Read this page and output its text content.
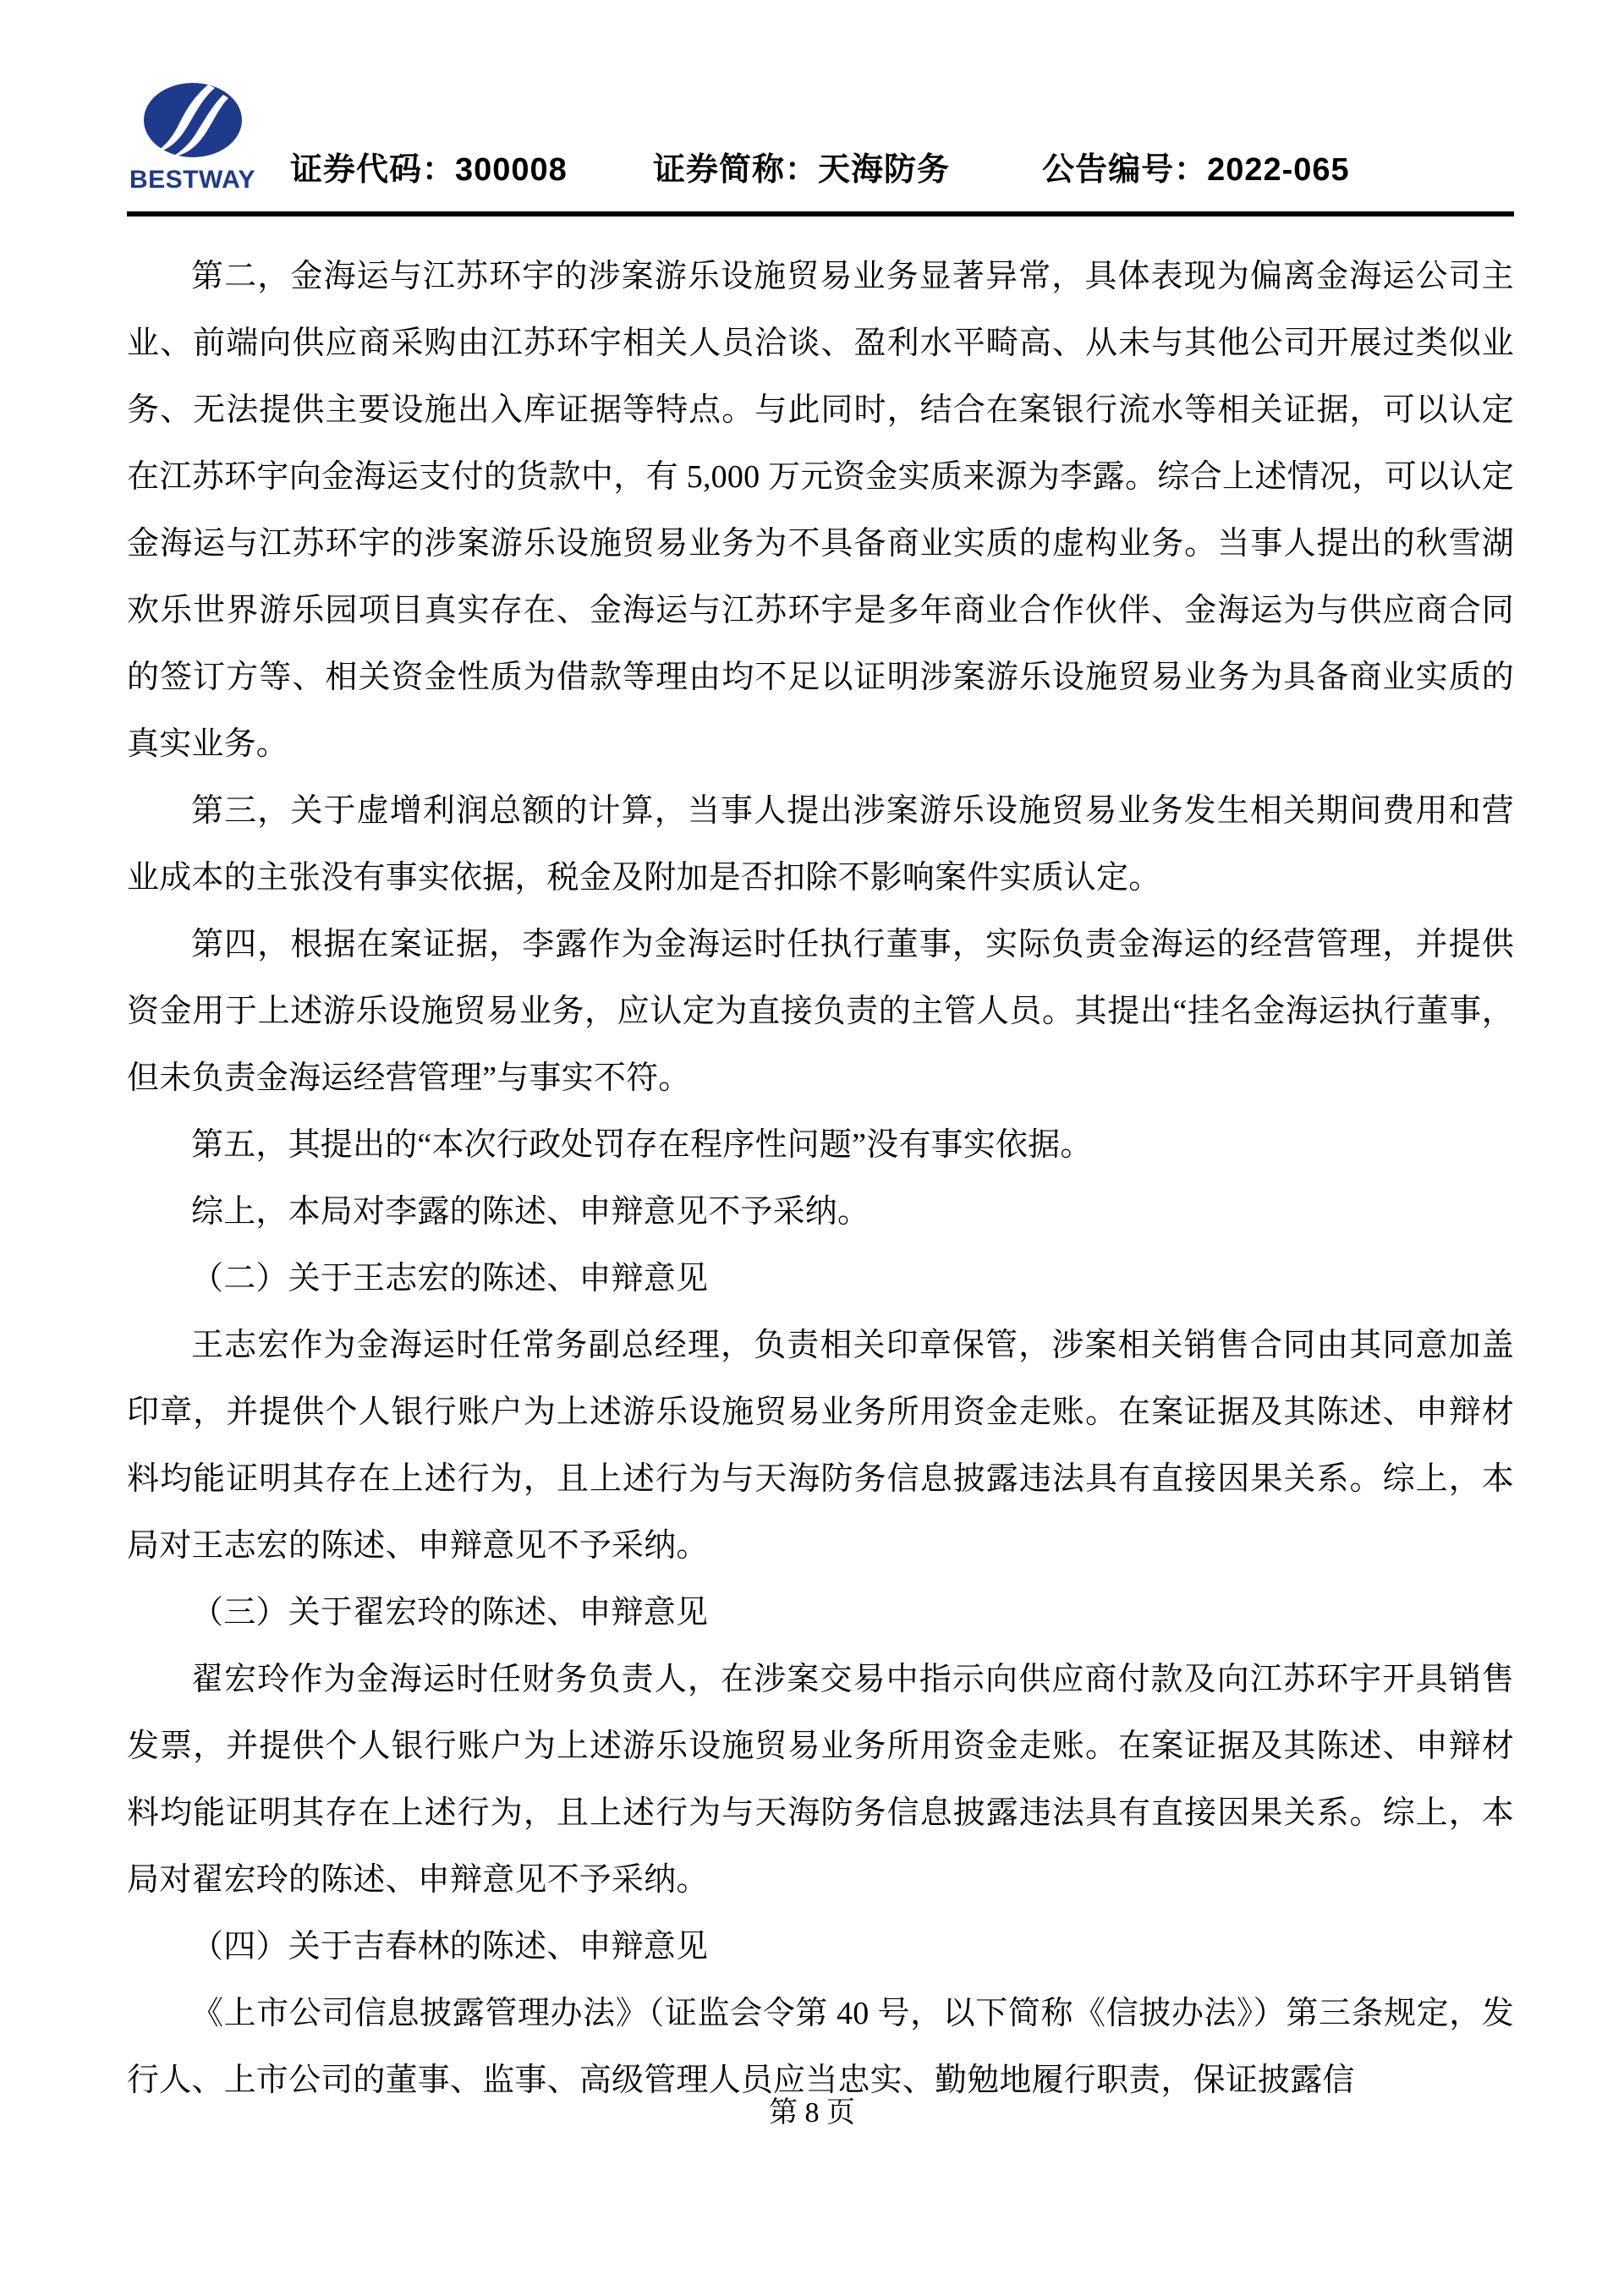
BESTWAY 证券代码：300008	证券简称：天海防务	公告编号：2022-065

第二，金海运与江苏环宇的涉案游乐设施贸易业务显著异常，具体表现为偏离金海运公司主业、前端向供应商采购由江苏环宇相关人员洽谈、盈利水平畸高、从未与其他公司开展过类似业务、无法提供主要设施出入库证据等特点。与此同时，结合在案银行流水等相关证据，可以认定在江苏环宇向金海运支付的货款中，有 5,000 万元资金实质来源为李露。综合上述情况，可以认定金海运与江苏环宇的涉案游乐设施贸易业务为不具备商业实质的虚构业务。当事人提出的秋雪湖欢乐世界游乐园项目真实存在、金海运与江苏环宇是多年商业合作伙伴、金海运为与供应商合同的签订方等、相关资金性质为借款等理由均不足以证明涉案游乐设施贸易业务为具备商业实质的真实业务。

第三，关于虚增利润总额的计算，当事人提出涉案游乐设施贸易业务发生相关期间费用和营业成本的主张没有事实依据，税金及附加是否扣除不影响案件实质认定。

第四，根据在案证据，李露作为金海运时任执行董事，实际负责金海运的经营管理，并提供资金用于上述游乐设施贸易业务，应认定为直接负责的主管人员。其提出“挂名金海运执行董事，但未负责金海运经营管理”与事实不符。

第五，其提出的“本次行政处罚存在程序性问题”没有事实依据。

综上，本局对李露的陈述、申辩意见不予采纳。

（二）关于王志宏的陈述、申辩意见

王志宏作为金海运时任常务副总经理，负责相关印章保管，涉案相关销售合同由其同意加盖印章，并提供个人银行账户为上述游乐设施贸易业务所用资金走账。在案证据及其陈述、申辩材料均能证明其存在上述行为，且上述行为与天海防务信息披露违法具有直接因果关系。综上，本局对王志宏的陈述、申辩意见不予采纳。

（三）关于翟宏玲的陈述、申辩意见

翟宏玲作为金海运时任财务负责人，在涉案交易中指示向供应商付款及向江苏环宇开具销售发票，并提供个人银行账户为上述游乐设施贸易业务所用资金走账。在案证据及其陈述、申辩材料均能证明其存在上述行为，且上述行为与天海防务信息披露违法具有直接因果关系。综上，本局对翟宏玲的陈述、申辩意见不予采纳。

（四）关于吉春林的陈述、申辩意见

《上市公司信息披露管理办法》（证监会令第 40 号，以下简称《信披办法》）第三条规定，发行人、上市公司的董事、监事、高级管理人员应当忠实、勤勉地履行职责，保证披露信

第 8 页
